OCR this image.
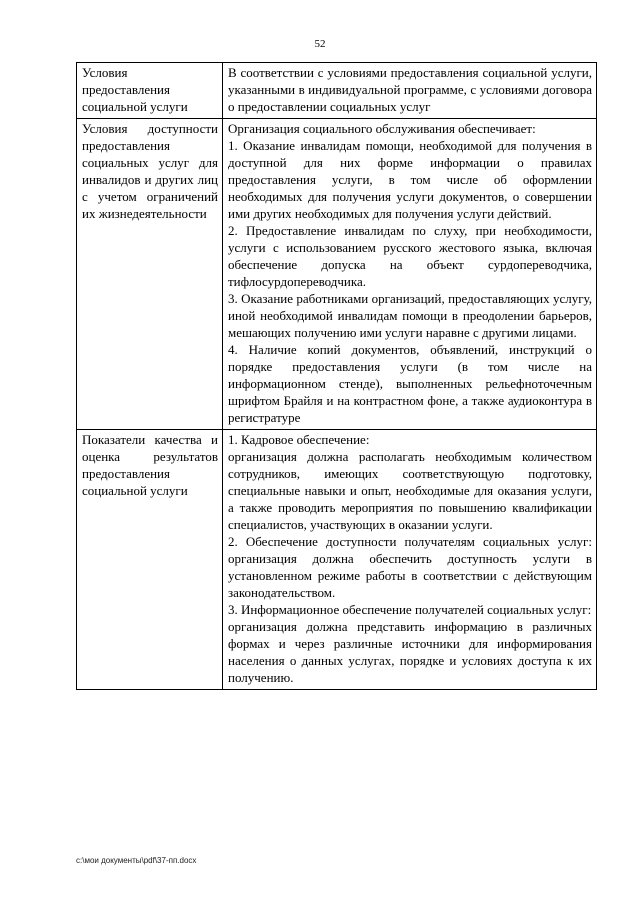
52
Условия предоставления социальной услуги	В соответствии с условиями предоставления социальной услуги, указанными в индивидуальной программе, с условиями договора о предоставлении социальных услуг

Условия доступности предоставления социальных услуг для инвалидов и других лиц с учетом ограничений их жизнедеятельности	Организация социального обслуживания обеспечивает:

1. Оказание инвалидам помощи, необходимой для получения в доступной для них форме информации о правилах предоставления услуги, в том числе об оформлении необходимых для получения услуги документов, о совершении ими других необходимых для получения услуги действий.

2. Предоставление инвалидам по слуху, при необходимости, услуги с использованием русского жестового языка, включая обеспечение допуска на объект сурдопереводчика, тифлосурдопереводчика.

3. Оказание работниками организаций, предоставляющих услугу, иной необходимой инвалидам помощи в преодолении барьеров, мешающих получению ими услуги наравне с другими лицами.

4. Наличие копий документов, объявлений, инструкций о порядке предоставления услуги (в том числе на информационном стенде), выполненных рельефноточечным шрифтом Брайля и на контрастном фоне, а также аудиоконтура в регистратуре

Показатели качества и оценка результатов предоставления социальной услуги	1. Кадровое обеспечение:

организация должна располагать необходимым количеством сотрудников, имеющих соответствующую подготовку, специальные навыки и опыт, необходимые для оказания услуги, а также проводить мероприятия по повышению квалификации специалистов, участвующих в оказании услуги.

2. Обеспечение доступности получателям социальных услуг: организация должна обеспечить доступность услуги в установленном режиме работы в соответствии с действующим законодательством.

3. Информационное обеспечение получателей социальных услуг:

организация должна представить информацию в различных формах и через различные источники для информирования населения о данных услугах, порядке и условиях доступа к их получению.

c:\мои документы\pdf\37-пп.docx
